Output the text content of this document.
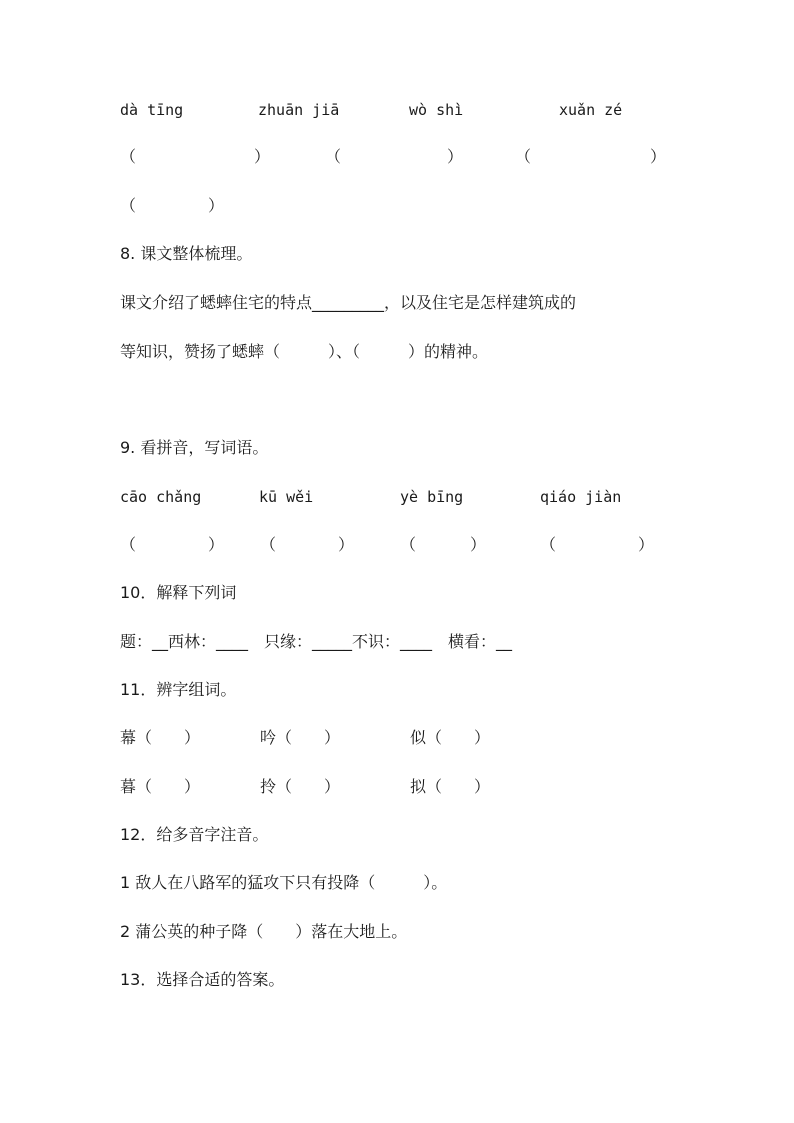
dà tīng	zhuān jiā	wò shì	xuǎn zé
（	）	（	）	（	）
（	）
8. 课文整体梳理。
课文介绍了蟋蟀住宅的特点_________，以及住宅是怎样建筑成的
等知识，赞扬了蟋蟀（　　　）、（　　　）的精神。
9. 看拼音，写词语。
cāo chǎng	kū wěi	yè bīng	qiáo jiàn
（	） （	）	（	）	（	）
10．解释下列词
题：__西林：____　只缘：_____不识：____　横看：__
11．辨字组词。
幕（　　）	吟（　　）	似（　　）
暮（　　）	拎（　　）	拟（　　）
12．给多音字注音。
1 敌人在八路军的猛攻下只有投降（　　　）。
2 蒲公英的种子降（　　）落在大地上。
13．选择合适的答案。
